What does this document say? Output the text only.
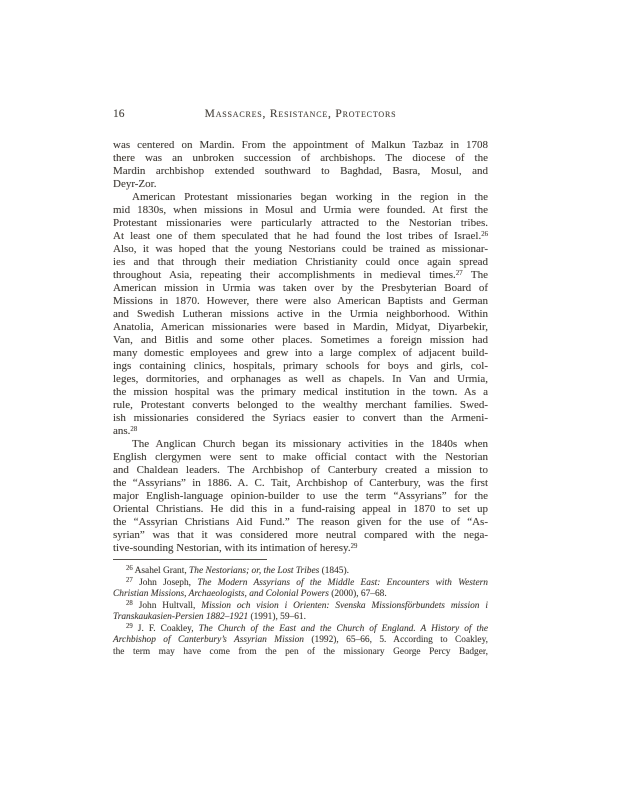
16	Massacres, Resistance, Protectors
was centered on Mardin. From the appointment of Malkun Tazbaz in 1708
there was an unbroken succession of archbishops. The diocese of the
Mardin archbishop extended southward to Baghdad, Basra, Mosul, and
Deyr-Zor.
American Protestant missionaries began working in the region in the
mid 1830s, when missions in Mosul and Urmia were founded. At first the
Protestant missionaries were particularly attracted to the Nestorian tribes.
At least one of them speculated that he had found the lost tribes of Israel.$^{26}$
Also, it was hoped that the young Nestorians could be trained as missionar-
ies and that through their mediation Christianity could once again spread
throughout Asia, repeating their accomplishments in medieval times.$^{27}$ The
American mission in Urmia was taken over by the Presbyterian Board of
Missions in 1870. However, there were also American Baptists and German
and Swedish Lutheran missions active in the Urmia neighborhood. Within
Anatolia, American missionaries were based in Mardin, Midyat, Diyarbekir,
Van, and Bitlis and some other places. Sometimes a foreign mission had
many domestic employees and grew into a large complex of adjacent build-
ings containing clinics, hospitals, primary schools for boys and girls, col-
leges, dormitories, and orphanages as well as chapels. In Van and Urmia,
the mission hospital was the primary medical institution in the town. As a
rule, Protestant converts belonged to the wealthy merchant families. Swed-
ish missionaries considered the Syriacs easier to convert than the Armeni-
ans.$^{28}$
The Anglican Church began its missionary activities in the 1840s when
English clergymen were sent to make official contact with the Nestorian
and Chaldean leaders. The Archbishop of Canterbury created a mission to
the “Assyrians” in 1886. A. C. Tait, Archbishop of Canterbury, was the first
major English-language opinion-builder to use the term “Assyrians” for the
Oriental Christians. He did this in a fund-raising appeal in 1870 to set up
the “Assyrian Christians Aid Fund.” The reason given for the use of “As-
syrian” was that it was considered more neutral compared with the nega-
tive-sounding Nestorian, with its intimation of heresy.$^{29}$
$^{26}$ Asahel Grant, The Nestorians; or, the Lost Tribes (1845).
$^{27}$ John Joseph, The Modern Assyrians of the Middle East: Encounters with Western
Christian Missions, Archaeologists, and Colonial Powers (2000), 67–68.
$^{28}$ John Hultvall, Mission och vision i Orienten: Svenska Missionsförbundets mission i
Transkaukasien-Persien 1882–1921 (1991), 59–61.
$^{29}$ J. F. Coakley, The Church of the East and the Church of England. A History of the
Archbishop of Canterbury’s Assyrian Mission (1992), 65–66, 5. According to Coakley,
the term may have come from the pen of the missionary George Percy Badger,
